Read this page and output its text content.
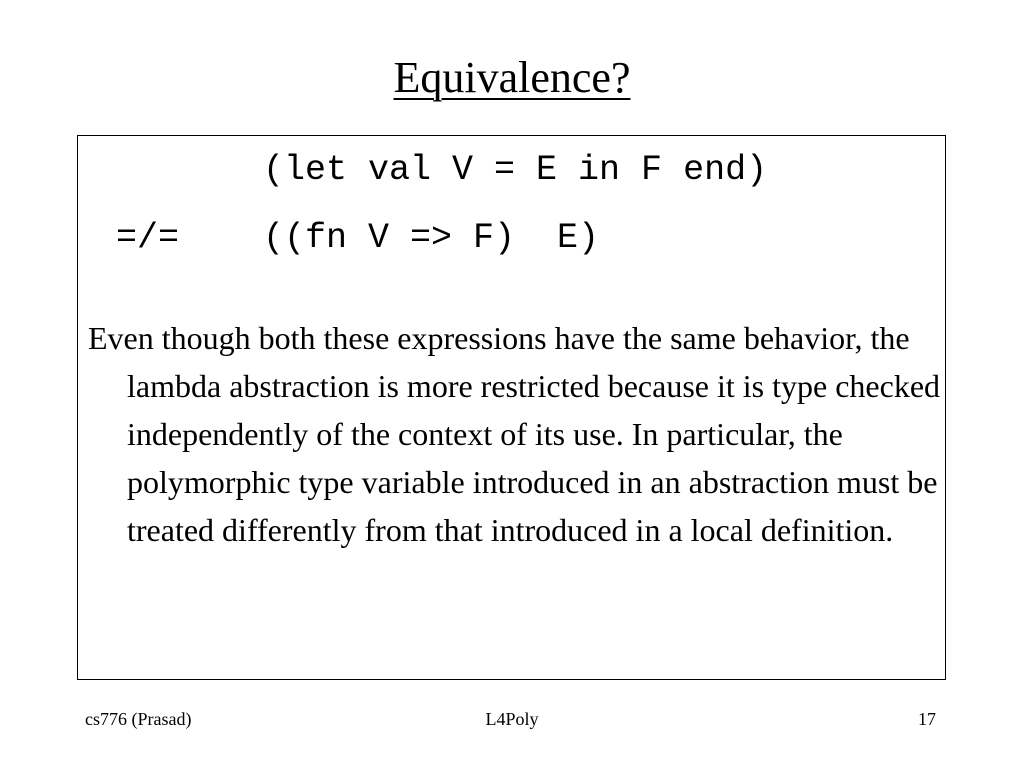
Equivalence?
(let val V = E in F end)
=/= ((fn V => F)  E)

Even though both these expressions have the same behavior, the lambda abstraction is more restricted because it is type checked independently of the context of its use. In particular, the polymorphic type variable introduced in an abstraction must be treated differently from that introduced in a local definition.

cs776 (Prasad)	L4Poly	17
